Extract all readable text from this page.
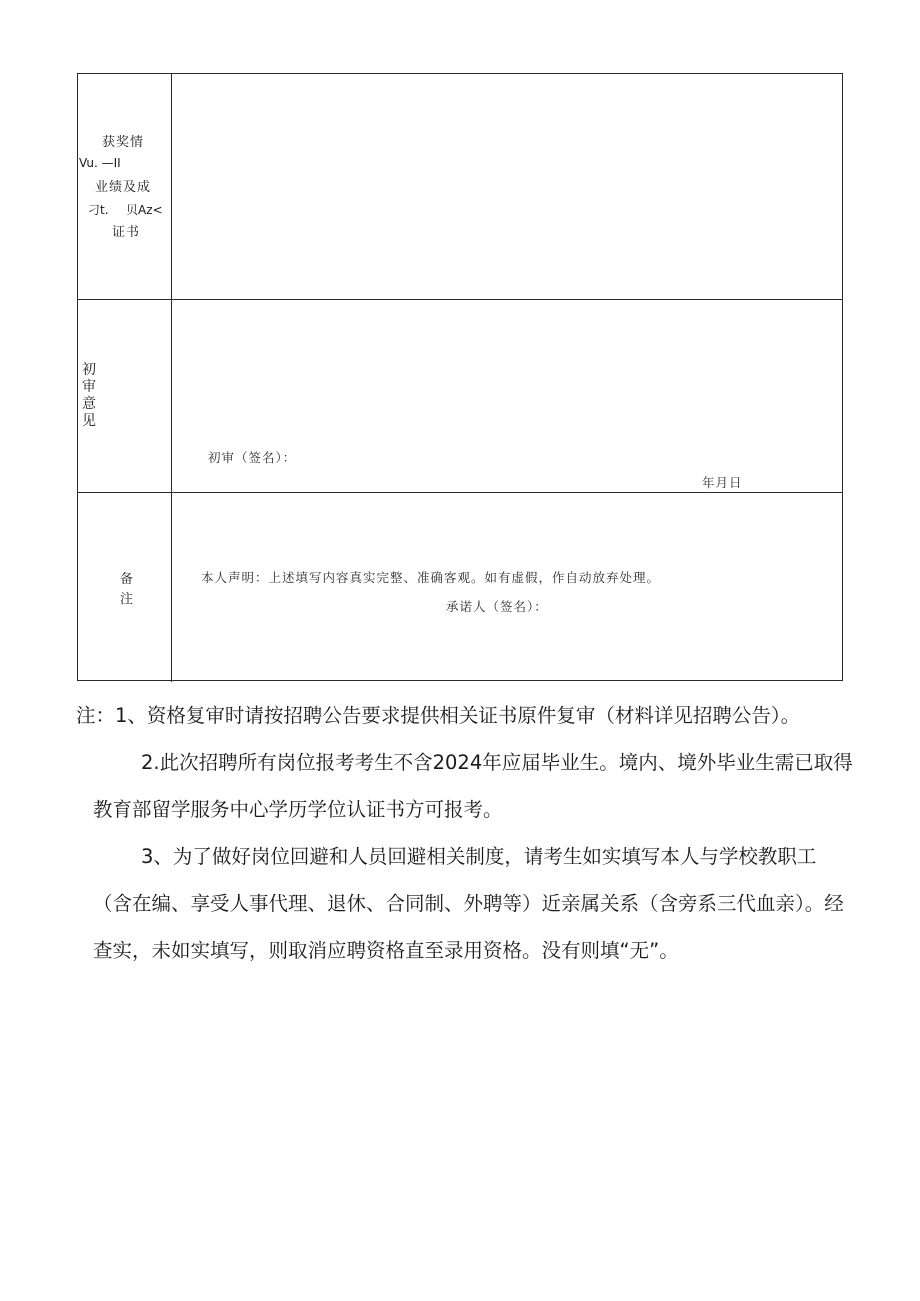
获奖情
Vu. —II
业绩及成
刁t. 贝Az<
证书
初审意见
初审（签名）：
年月日
备
注
本人声明：上述填写内容真实完整、准确客观。如有虚假，作自动放弃处理。
承诺人（签名）：

注：1、资格复审时请按招聘公告要求提供相关证书原件复审（材料详见招聘公告）。

2.此次招聘所有岗位报考考生不含2024年应届毕业生。境内、境外毕业生需已取得教育部留学服务中心学历学位认证书方可报考。

3、为了做好岗位回避和人员回避相关制度，请考生如实填写本人与学校教职工（含在编、享受人事代理、退休、合同制、外聘等）近亲属关系（含旁系三代血亲）。经查实，未如实填写，则取消应聘资格直至录用资格。没有则填“无”。
